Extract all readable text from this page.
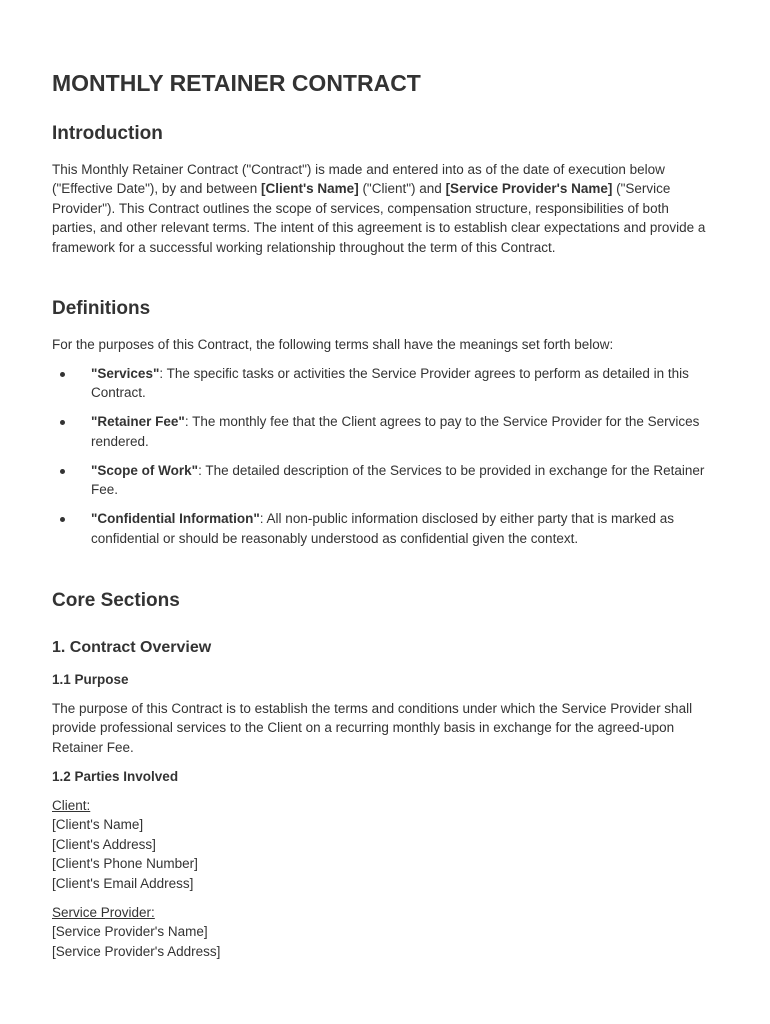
MONTHLY RETAINER CONTRACT
Introduction

This Monthly Retainer Contract ("Contract") is made and entered into as of the date of execution below ("Effective Date"), by and between [Client's Name] ("Client") and [Service Provider's Name] ("Service Provider"). This Contract outlines the scope of services, compensation structure, responsibilities of both parties, and other relevant terms. The intent of this agreement is to establish clear expectations and provide a framework for a successful working relationship throughout the term of this Contract.

Definitions

For the purposes of this Contract, the following terms shall have the meanings set forth below:

"Services": The specific tasks or activities the Service Provider agrees to perform as detailed in this Contract.
"Retainer Fee": The monthly fee that the Client agrees to pay to the Service Provider for the Services rendered.
"Scope of Work": The detailed description of the Services to be provided in exchange for the Retainer Fee.
"Confidential Information": All non-public information disclosed by either party that is marked as confidential or should be reasonably understood as confidential given the context.
Core Sections
1. Contract Overview
1.1 Purpose

The purpose of this Contract is to establish the terms and conditions under which the Service Provider shall provide professional services to the Client on a recurring monthly basis in exchange for the agreed-upon Retainer Fee.

1.2 Parties Involved
Client:
[Client's Name]
[Client's Address]
[Client's Phone Number]
[Client's Email Address]
Service Provider:
[Service Provider's Name]
[Service Provider's Address]
